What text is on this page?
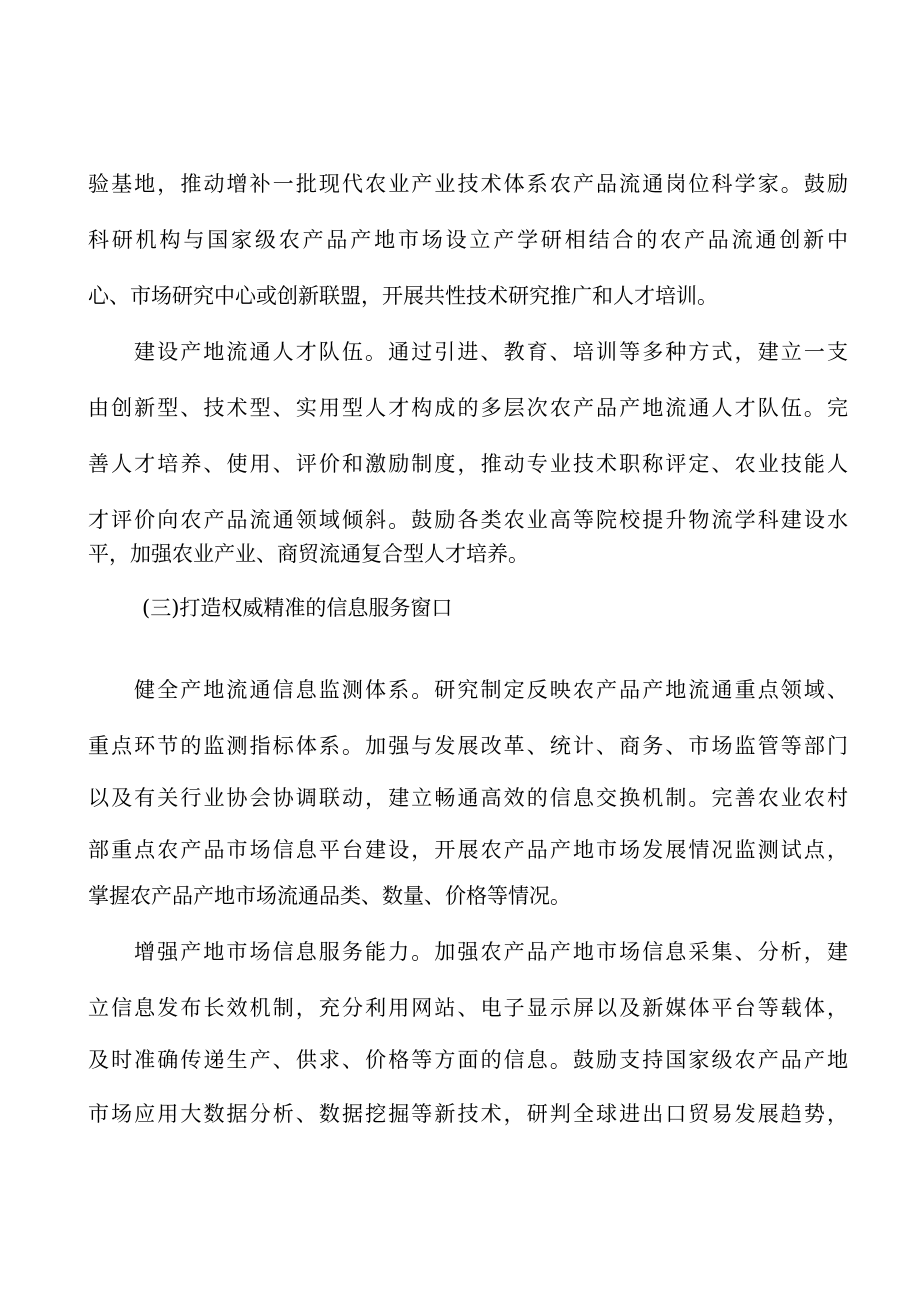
验基地，推动增补一批现代农业产业技术体系农产品流通岗位科学家。鼓励
科研机构与国家级农产品产地市场设立产学研相结合的农产品流通创新中
心、市场研究中心或创新联盟，开展共性技术研究推广和人才培训。
建设产地流通人才队伍。通过引进、教育、培训等多种方式，建立一支
由创新型、技术型、实用型人才构成的多层次农产品产地流通人才队伍。完
善人才培养、使用、评价和激励制度，推动专业技术职称评定、农业技能人
才评价向农产品流通领域倾斜。鼓励各类农业高等院校提升物流学科建设水
平，加强农业产业、商贸流通复合型人才培养。
(三)打造权威精准的信息服务窗口
健全产地流通信息监测体系。研究制定反映农产品产地流通重点领域、
重点环节的监测指标体系。加强与发展改革、统计、商务、市场监管等部门
以及有关行业协会协调联动，建立畅通高效的信息交换机制。完善农业农村
部重点农产品市场信息平台建设，开展农产品产地市场发展情况监测试点，
掌握农产品产地市场流通品类、数量、价格等情况。
增强产地市场信息服务能力。加强农产品产地市场信息采集、分析，建
立信息发布长效机制，充分利用网站、电子显示屏以及新媒体平台等载体，
及时准确传递生产、供求、价格等方面的信息。鼓励支持国家级农产品产地
市场应用大数据分析、数据挖掘等新技术，研判全球进出口贸易发展趋势，
